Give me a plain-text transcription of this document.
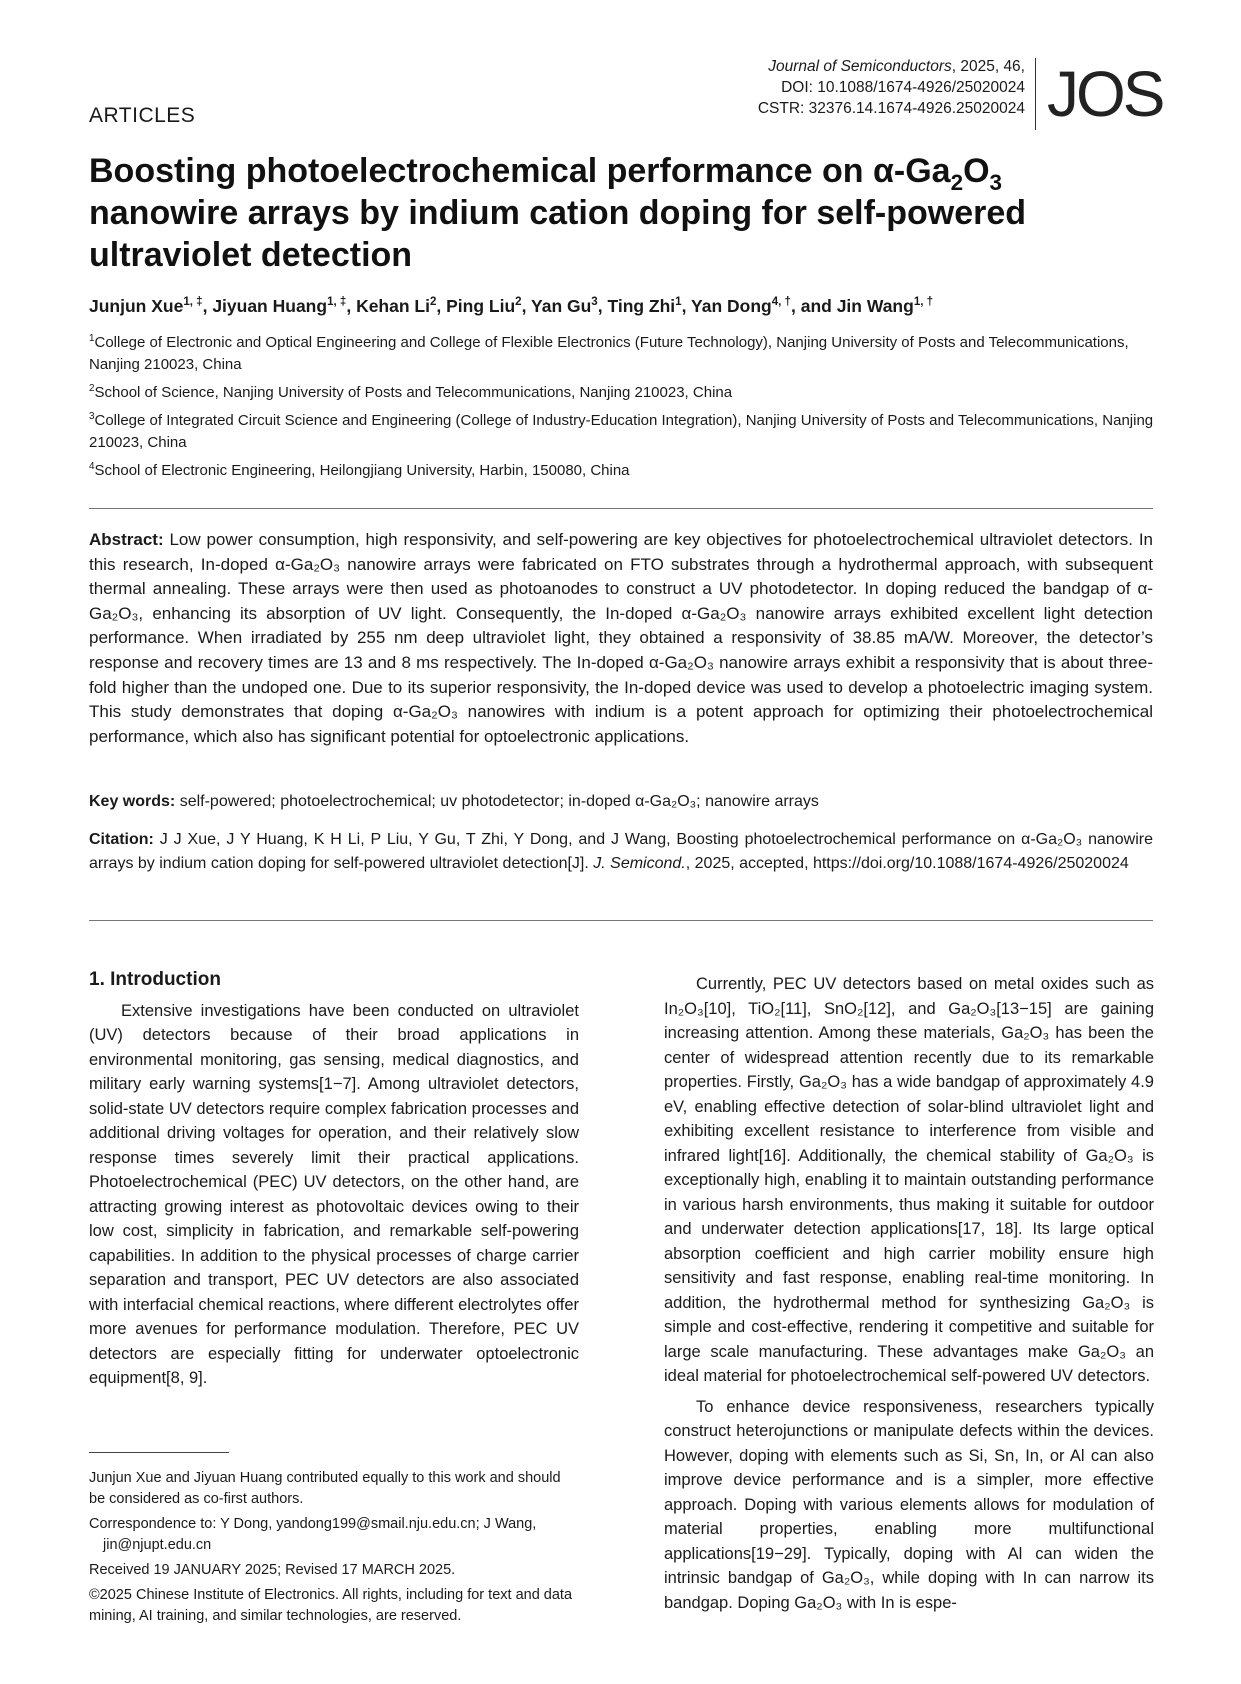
ARTICLES
Journal of Semiconductors, 2025, 46,
DOI: 10.1088/1674-4926/25020024
CSTR: 32376.14.1674-4926.25020024 JOS
Boosting photoelectrochemical performance on $\alpha-Ga_2O_3$
nanowire arrays by indium cation doping for self-powered
ultraviolet detection
Junjun Xue$^{1, \ddagger}$, Jiyuan Huang$^{1, \ddagger}$, Kehan Li$^2$, Ping Liu$^2$, Yan Gu$^3$, Ting Zhi$^1$, Yan Dong$^{4, \dagger}$, and Jin Wang$^{1, \dagger}$

$^1$College of Electronic and Optical Engineering and College of Flexible Electronics (Future Technology), Nanjing University of Posts and Telecommunications, Nanjing 210023, China

$^2$School of Science, Nanjing University of Posts and Telecommunications, Nanjing 210023, China

$^3$College of Integrated Circuit Science and Engineering (College of Industry-Education Integration), Nanjing University of Posts and Telecommunications, Nanjing 210023, China

$^4$School of Electronic Engineering, Heilongjiang University, Harbin, 150080, China

Abstract: Low power consumption, high responsivity, and self-powering are key objectives for photoelectrochemical ultraviolet detectors. In this research, In-doped α-Ga₂O₃ nanowire arrays were fabricated on FTO substrates through a hydrothermal approach, with subsequent thermal annealing. These arrays were then used as photoanodes to construct a UV photodetector. In doping reduced the bandgap of α-Ga₂O₃, enhancing its absorption of UV light. Consequently, the In-doped α-Ga₂O₃ nanowire arrays exhibited excellent light detection performance. When irradiated by 255 nm deep ultraviolet light, they obtained a responsivity of 38.85 mA/W. Moreover, the detector’s response and recovery times are 13 and 8 ms respectively. The In-doped α-Ga₂O₃ nanowire arrays exhibit a responsivity that is about three-fold higher than the undoped one. Due to its superior responsivity, the In-doped device was used to develop a photoelectric imaging system. This study demonstrates that doping α-Ga₂O₃ nanowires with indium is a potent approach for optimizing their photoelectrochemical performance, which also has significant potential for optoelectronic applications.

Key words: self-powered; photoelectrochemical; uv photodetector; in-doped α-Ga₂O₃; nanowire arrays

Citation: J J Xue, J Y Huang, K H Li, P Liu, Y Gu, T Zhi, Y Dong, and J Wang, Boosting photoelectrochemical performance on α-Ga₂O₃ nanowire arrays by indium cation doping for self-powered ultraviolet detection[J]. J. Semicond., 2025, accepted, https://doi.org/10.1088/1674-4926/25020024

1. Introduction

Extensive investigations have been conducted on ultraviolet (UV) detectors because of their broad applications in environmental monitoring, gas sensing, medical diagnostics, and military early warning systems[1−7]. Among ultraviolet detectors, solid-state UV detectors require complex fabrication processes and additional driving voltages for operation, and their relatively slow response times severely limit their practical applications. Photoelectrochemical (PEC) UV detectors, on the other hand, are attracting growing interest as photovoltaic devices owing to their low cost, simplicity in fabrication, and remarkable self-powering capabilities. In addition to the physical processes of charge carrier separation and transport, PEC UV detectors are also associated with interfacial chemical reactions, where different electrolytes offer more avenues for performance modulation. Therefore, PEC UV detectors are especially fitting for underwater optoelectronic equipment[8, 9].

Junjun Xue and Jiyuan Huang contributed equally to this work and should be considered as co-first authors.

Correspondence to: Y Dong, yandong199@smail.nju.edu.cn; J Wang,
jin@njupt.edu.cn

Received 19 JANUARY 2025; Revised 17 MARCH 2025.

©2025 Chinese Institute of Electronics. All rights, including for text and data mining, AI training, and similar technologies, are reserved.

Currently, PEC UV detectors based on metal oxides such as In₂O₃[10], TiO₂[11], SnO₂[12], and Ga₂O₃[13−15] are gaining increasing attention. Among these materials, Ga₂O₃ has been the center of widespread attention recently due to its remarkable properties. Firstly, Ga₂O₃ has a wide bandgap of approximately 4.9 eV, enabling effective detection of solar-blind ultraviolet light and exhibiting excellent resistance to interference from visible and infrared light[16]. Additionally, the chemical stability of Ga₂O₃ is exceptionally high, enabling it to maintain outstanding performance in various harsh environments, thus making it suitable for outdoor and underwater detection applications[17, 18]. Its large optical absorption coefficient and high carrier mobility ensure high sensitivity and fast response, enabling real-time monitoring. In addition, the hydrothermal method for synthesizing Ga₂O₃ is simple and cost-effective, rendering it competitive and suitable for large scale manufacturing. These advantages make Ga₂O₃ an ideal material for photoelectrochemical self-powered UV detectors.

To enhance device responsiveness, researchers typically construct heterojunctions or manipulate defects within the devices. However, doping with elements such as Si, Sn, In, or Al can also improve device performance and is a simpler, more effective approach. Doping with various elements allows for modulation of material properties, enabling more multifunctional applications[19−29]. Typically, doping with Al can widen the intrinsic bandgap of Ga₂O₃, while doping with In can narrow its bandgap. Doping Ga₂O₃ with In is espe-
